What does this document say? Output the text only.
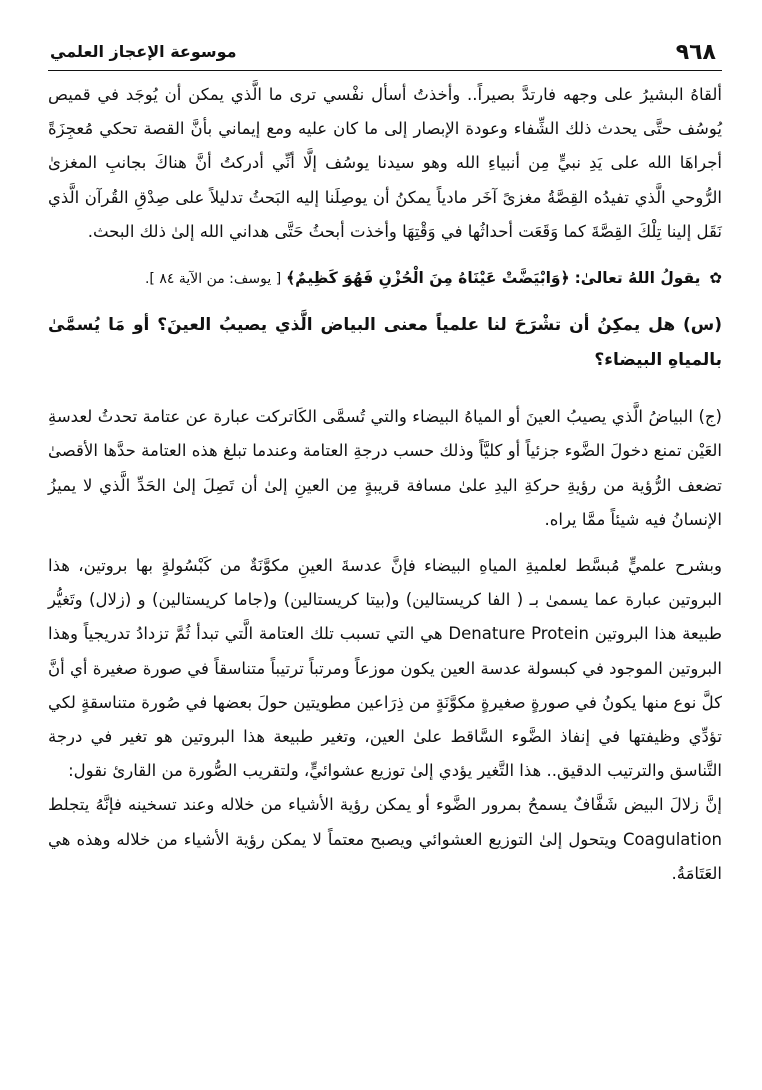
٩٦٨
موسوعة الإعجاز العلمي

ألقاهُ البشيرُ على وجهه فارتدَّ بصيراً.. وأخذتُ أسأل نفْسي ترى ما الَّذي يمكن أن يُوجَد في قميص يُوسُف حتَّى يحدث ذلك الشِّفاء وعودة الإبصار إلى ما كان عليه ومع إيماني بأنَّ القصة تحكي مُعجِزَةً أجراهَا الله على يَدِ نبيٍّ مِن أنبياءِ الله وهو سيدنا يوسُف إلَّا أنِّي أدركتُ أنَّ هناكَ بجانبِ المغزىٰ الرُّوحي الَّذي تفيدُه القِصَّةُ مغزىً آخَر مادياً يمكنُ أن يوصِلَنا إليه البَحثُ تدليلاً على صِدْقِ القُرآن الَّذي نَقَل إلينا تِلْكَ القِصَّةَ كما وَقَعَت أحداثُها في وَقْتِهَا وأخذت أبحثُ حَتَّى هداني الله إلىٰ ذلك البحث.

✿ يقولُ اللهُ تعالىٰ: ﴿وَابْيَضَّتْ عَيْنَاهُ مِنَ الْحُزْنِ فَهُوَ كَظِيمٌ﴾ [ يوسف: من الآية ٨٤ ].

(س) هل يمكِنُ أن تشْرَحَ لنا علمياً معنى البياض الَّذي يصيبُ العينَ؟ أو مَا يُسمَّىٰ بالمياهِ البيضاء؟

(ج) البياضُ الَّذي يصيبُ العينَ أو المياهُ البيضاء والتي تُسمَّى الكَاتركت عبارة عن عتامة تحدثُ لعدسةِ العَيْن تمنع دخولَ الضَّوء جزئياً أو كليَّاً وذلك حسب درجةِ العتامة وعندما تبلغ هذه العتامة حدَّها الأقصىٰ تضعف الرُّؤية من رؤيةِ حركةِ اليدِ علىٰ مسافة قريبةٍ مِن العينِ إلىٰ أن تَصِلَ إلىٰ الحَدِّ الَّذي لا يميزُ الإنسانُ فيه شيئاً ممَّا يراه.

وبشرح علميٍّ مُبسَّط لعلميةِ المياهِ البيضاء فإنَّ عدسةَ العينِ مكوَّنَةٌ من كَبْسُولةٍ بها بروتين، هذا البروتين عبارة عما يسمىٰ بـ ( الفا كريستالين) و(بيتا كريستالين) و(جاما كريستالين) و (زلال) وتَغيُّر طبيعة هذا البروتين Denature Protein هي التي تسبب تلك العتامة الَّتي تبدأ ثُمَّ تزدادُ تدريجياً وهذا البروتين الموجود في كبسولة عدسة العين يكون موزعاً ومرتباً ترتيباً متناسقاً في صورة صغيرة أي أنَّ كلَّ نوع منها يكونُ في صورةٍ صغيرةٍ مكوَّنَةٍ من ذِرَاعين مطويتين حولَ بعضها في صُورة متناسقةٍ لكي تؤدِّي وظيفتها في إنفاذ الضَّوء السَّاقط علىٰ العين، وتغير طبيعة هذا البروتين هو تغير في درجة التَّناسق والترتيب الدقيق.. هذا التَّغير يؤدي إلىٰ توزيع عشوائيٍّ، ولتقريب الصُّورة من القارئ نقول:

إنَّ زلالَ البيض شَفَّافٌ يسمحُ بمرور الضَّوء أو يمكن رؤية الأشياء من خلاله وعند تسخينه فإنَّهُ يتجلط Coagulation ويتحول إلىٰ التوزيع العشوائي ويصبح معتماً لا يمكن رؤية الأشياء من خلاله وهذه هي العَتَامَةُ.
